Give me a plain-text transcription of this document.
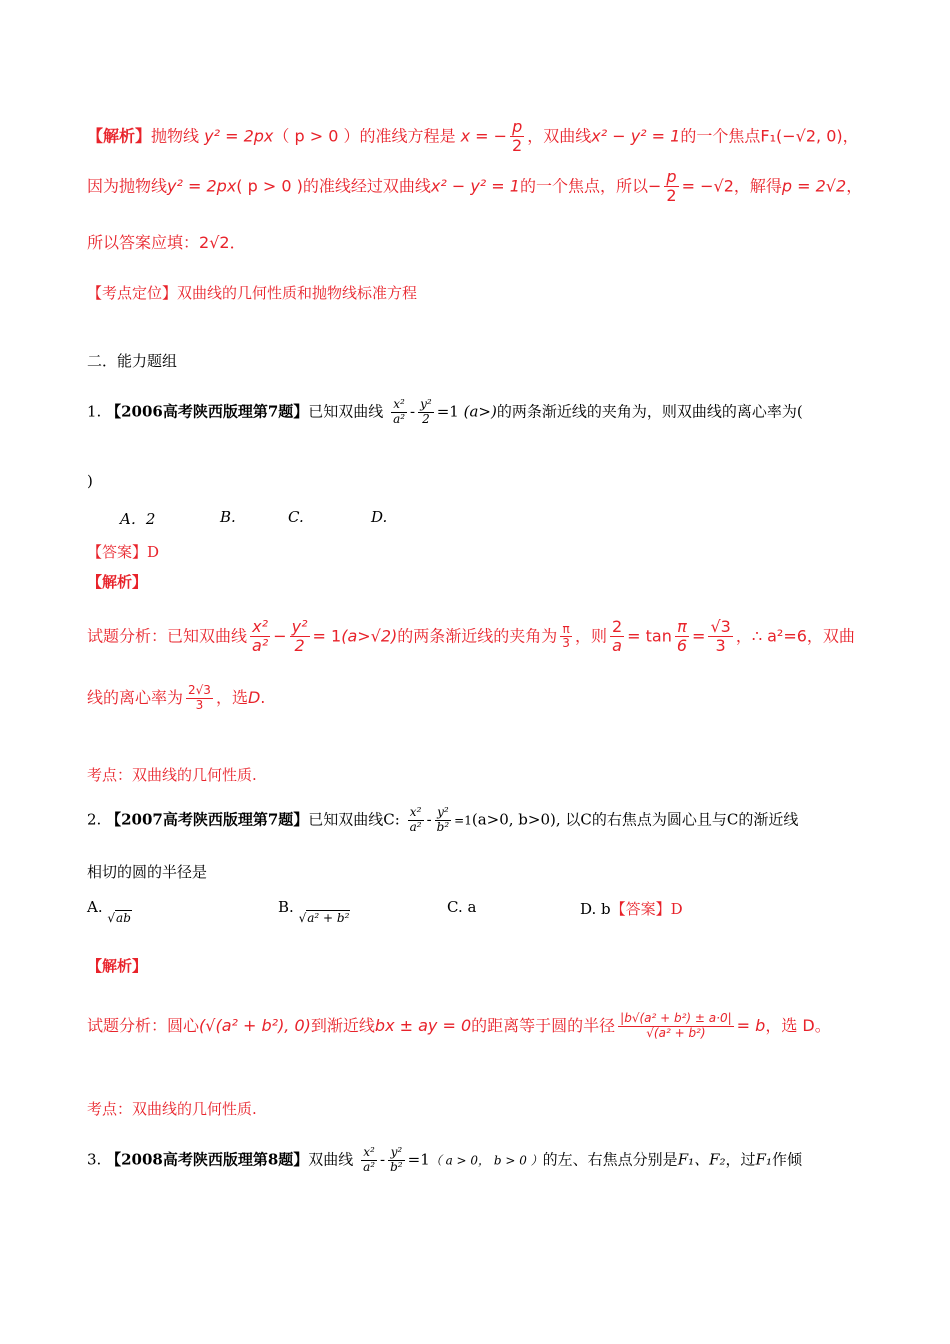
【解析】抛物线 y² = 2px（ p > 0 ）的准线方程是 x = − $\frac{p}{2}$ ，双曲线x² − y² = 1的一个焦点F₁(−√2, 0)，
因为抛物线y² = 2px( p > 0 )的准线经过双曲线x² − y² = 1的一个焦点，所以− $\frac{p}{2} = -√2$，解得p = 2√2，
所以答案应填：2√2．
【考点定位】双曲线的几何性质和抛物线标准方程
二．能力题组
1. 【2006高考陕西版理第7题】已知双曲线 $\frac{\text{x²}}{\text{a²}} - \frac{\text{y²}}{2} =1$ (a>)的两条渐近线的夹角为，则双曲线的离心率为(
)
A．2	B.	C.	D.
【答案】D
【解析】
试题分析：已知双曲线 $\frac{\text{x²}}{\text{a²}} - \frac{\text{y²}}{2} = 1(a>√2)$的两条渐近线的夹角为 $\frac{\pi}{3}$ ，则 $\frac{2}{a} = \tan \frac{\pi}{6} = \frac{√3}{3}$ ，∴ a²=6，双曲
线的离心率为 $\frac{2√3}{3}$ ，选D.
考点：双曲线的几何性质.
2. 【2007高考陕西版理第7题】已知双曲线C: $\frac{\text{x²}}{\text{a²}} - \frac{\text{y²}}{\text{b²}} =1(a>0$, b>0), 以C的右焦点为圆心且与C的渐近线
相切的圆的半径是
A. √ab
B. √a² + b²
C. a	D. b【答案】D
【解析】
试题分析：圆心(√(a² + b²), 0)到渐近线bx ± ay = 0的距离等于圆的半径 $\frac{\text{|b√(a² + b²) ± a·0|}}{\text{√(a² + b²)}} = b$，选 D。
考点：双曲线的几何性质.
3. 【2008高考陕西版理第8题】双曲线 $\frac{\text{x²}}{\text{a²}} - \frac{\text{y²}}{\text{b²}} =1$（ a > 0， b > 0 ）的左、右焦点分别是F₁、F₂，过F₁作倾
